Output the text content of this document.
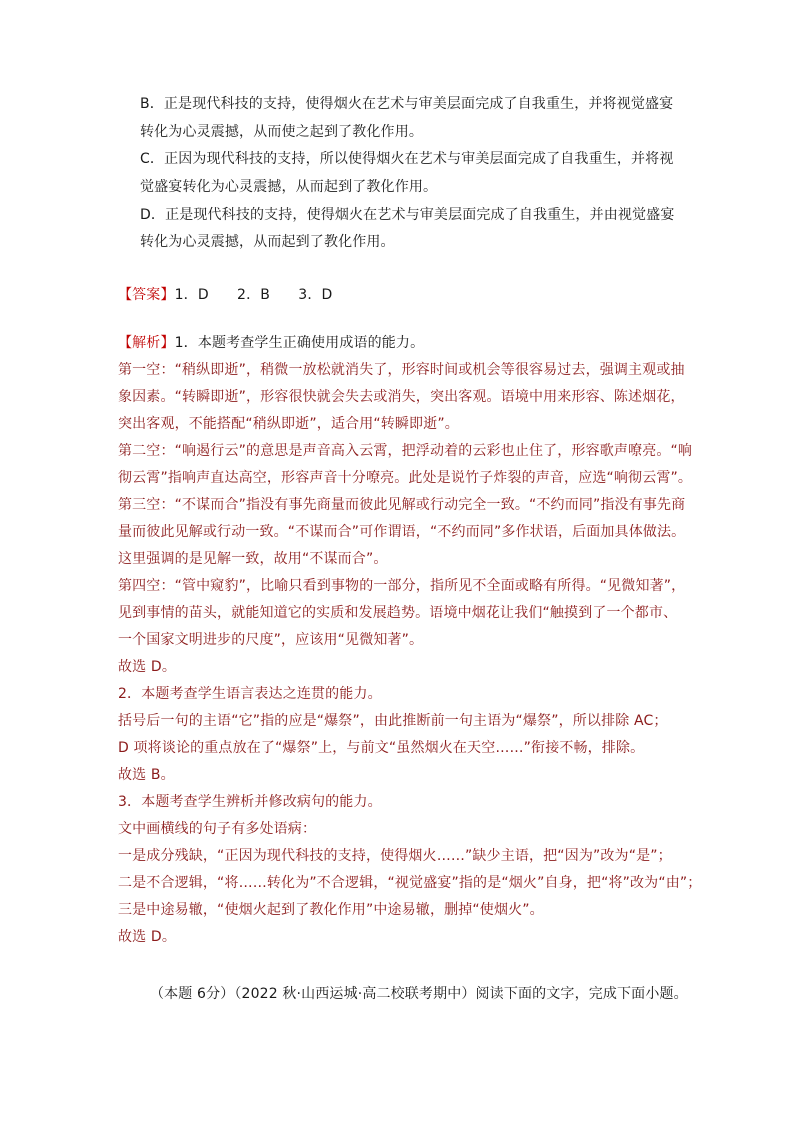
B．正是现代科技的支持，使得烟火在艺术与审美层面完成了自我重生，并将视觉盛宴
转化为心灵震撼，从而使之起到了教化作用。
C．正因为现代科技的支持，所以使得烟火在艺术与审美层面完成了自我重生，并将视
觉盛宴转化为心灵震撼，从而起到了教化作用。
D．正是现代科技的支持，使得烟火在艺术与审美层面完成了自我重生，并由视觉盛宴
转化为心灵震撼，从而起到了教化作用。
【答案】1．D　　2．B　　3．D
【解析】1．本题考查学生正确使用成语的能力。
第一空：“稍纵即逝”，稍微一放松就消失了，形容时间或机会等很容易过去，强调主观或抽
象因素。“转瞬即逝”，形容很快就会失去或消失，突出客观。语境中用来形容、陈述烟花，
突出客观，不能搭配“稍纵即逝”，适合用“转瞬即逝”。
第二空：“响遏行云”的意思是声音高入云霄，把浮动着的云彩也止住了，形容歌声嘹亮。“响
彻云霄”指响声直达高空，形容声音十分嘹亮。此处是说竹子炸裂的声音，应选“响彻云霄”。
第三空：“不谋而合”指没有事先商量而彼此见解或行动完全一致。“不约而同”指没有事先商
量而彼此见解或行动一致。“不谋而合”可作谓语，“不约而同”多作状语，后面加具体做法。
这里强调的是见解一致，故用“不谋而合”。
第四空：“管中窥豹”，比喻只看到事物的一部分，指所见不全面或略有所得。“见微知著”，
见到事情的苗头，就能知道它的实质和发展趋势。语境中烟花让我们“触摸到了一个都市、
一个国家文明进步的尺度”，应该用“见微知著”。
故选 D。
2．本题考查学生语言表达之连贯的能力。
括号后一句的主语“它”指的应是“爆祭”，由此推断前一句主语为“爆祭”，所以排除 AC；
D 项将谈论的重点放在了“爆祭”上，与前文“虽然烟火在天空……”衔接不畅，排除。
故选 B。
3．本题考查学生辨析并修改病句的能力。
文中画横线的句子有多处语病：
一是成分残缺，“正因为现代科技的支持，使得烟火……”缺少主语，把“因为”改为“是”；
二是不合逻辑，“将……转化为”不合逻辑，“视觉盛宴”指的是“烟火”自身，把“将”改为“由”；
三是中途易辙，“使烟火起到了教化作用”中途易辙，删掉“使烟火”。
故选 D。
（本题 6分）（2022 秋·山西运城·高二校联考期中）阅读下面的文字，完成下面小题。
